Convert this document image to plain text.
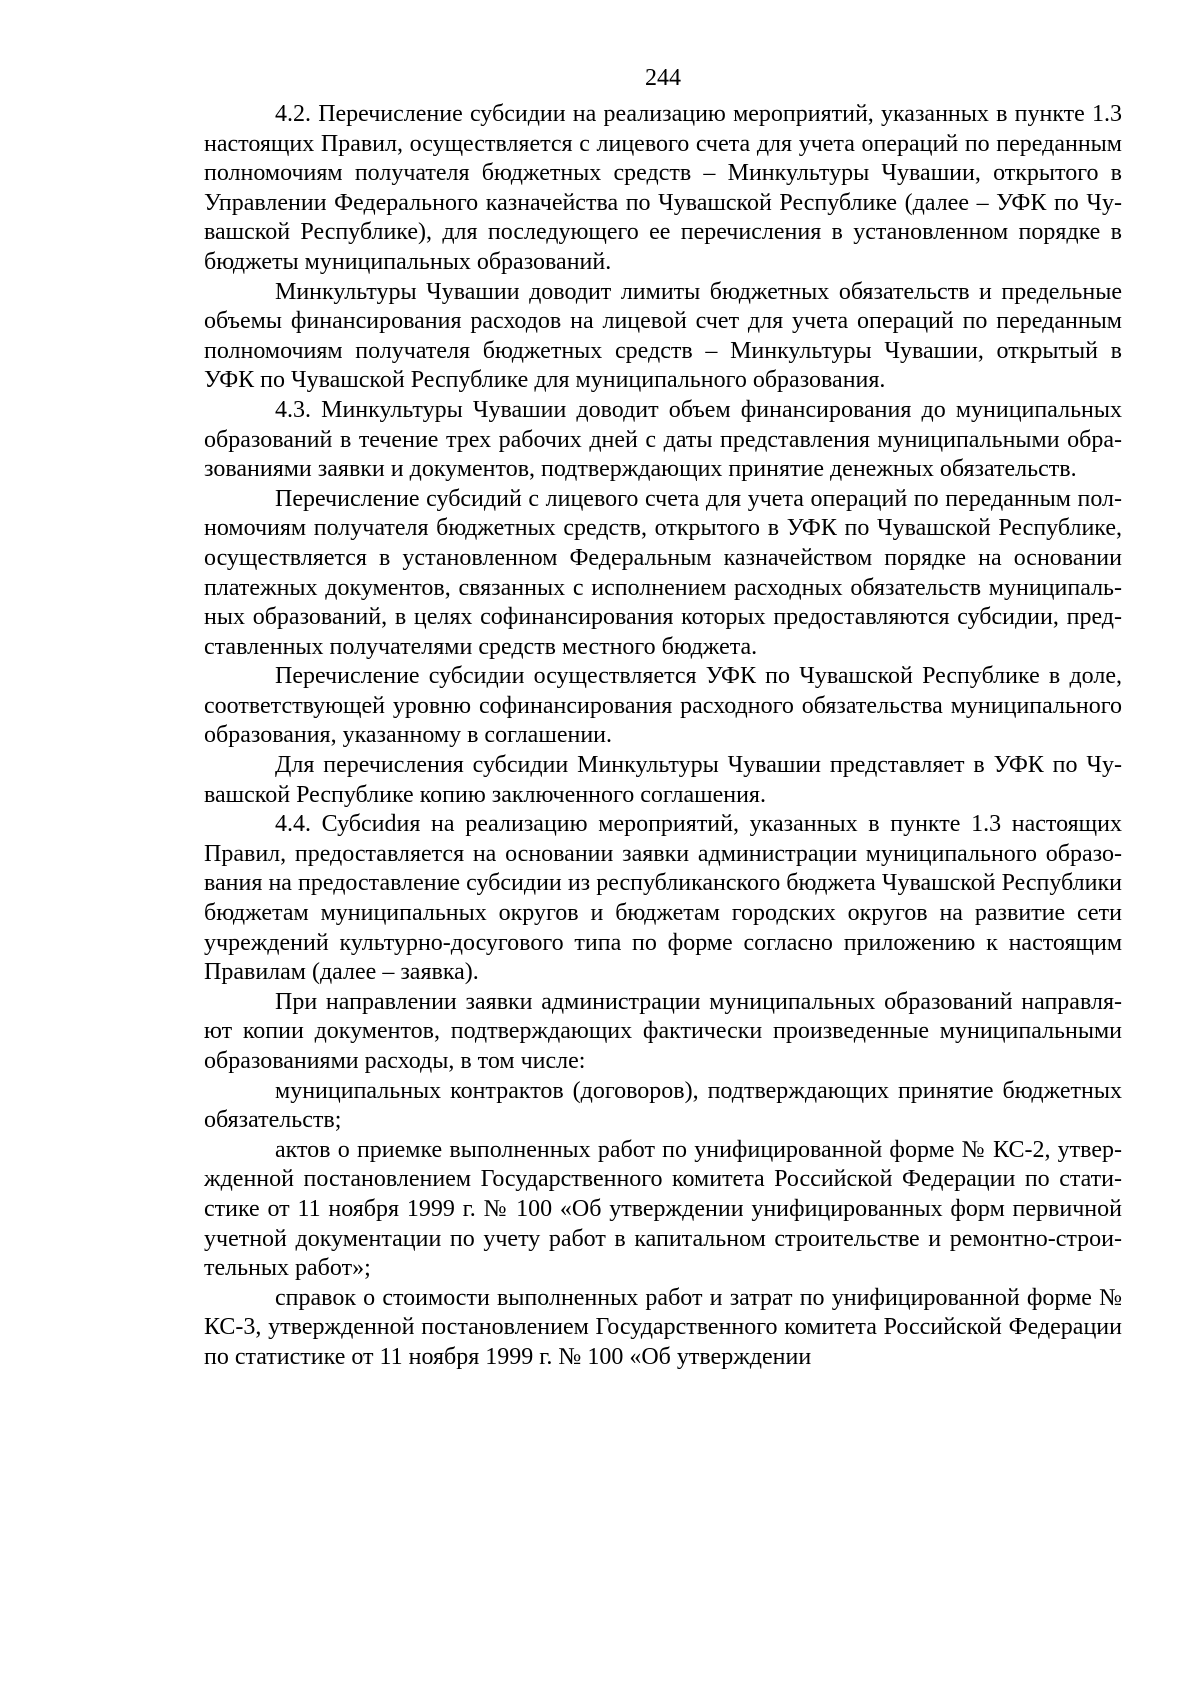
244

4.2. Перечисление субсидии на реализацию мероприятий, указанных в пункте 1.3 настоящих Правил, осуществляется с лицевого счета для учета операций по переданным полномочиям получателя бюджетных средств – Минкультуры Чувашии, открытого в Управлении Федерального казначейства по Чувашской Республике (далее – УФК по Чувашской Республике), для последующего ее перечисления в установленном порядке в бюджеты муниципальных образований.

Минкультуры Чувашии доводит лимиты бюджетных обязательств и предельные объемы финансирования расходов на лицевой счет для учета операций по переданным полномочиям получателя бюджетных средств – Минкультуры Чувашии, открытый в УФК по Чувашской Республике для муниципального образования.

4.3. Минкультуры Чувашии доводит объем финансирования до муниципальных образований в течение трех рабочих дней с даты представления муниципальными образованиями заявки и документов, подтверждающих принятие денежных обязательств.

Перечисление субсидий с лицевого счета для учета операций по переданным полномочиям получателя бюджетных средств, открытого в УФК по Чувашской Республике, осуществляется в установленном Федеральным казначейством порядке на основании платежных документов, связанных с исполнением расходных обязательств муниципальных образований, в целях софинансирования которых предоставляются субсидии, представленных получателями средств местного бюджета.

Перечисление субсидии осуществляется УФК по Чувашской Республике в доле, соответствующей уровню софинансирования расходного обязательства муниципального образования, указанному в соглашении.

Для перечисления субсидии Минкультуры Чувашии представляет в УФК по Чувашской Республике копию заключенного соглашения.

4.4. Субсиdия на реализацию мероприятий, указанных в пункте 1.3 настоящих Правил, предоставляется на основании заявки администрации муниципального образования на предоставление субсидии из республиканского бюджета Чувашской Республики бюджетам муниципальных округов и бюджетам городских округов на развитие сети учреждений культурно-досугового типа по форме согласно приложению к настоящим Правилам (далее – заявка).

При направлении заявки администрации муниципальных образований направляют копии документов, подтверждающих фактически произведенные муниципальными образованиями расходы, в том числе:

муниципальных контрактов (договоров), подтверждающих принятие бюджетных обязательств;

актов о приемке выполненных работ по унифицированной форме № КС-2, утвержденной постановлением Государственного комитета Российской Федерации по статистике от 11 ноября 1999 г. № 100 «Об утверждении унифицированных форм первичной учетной документации по учету работ в капитальном строительстве и ремонтно-строительных работ»;

справок о стоимости выполненных работ и затрат по унифицированной форме № КС-3, утвержденной постановлением Государственного комитета Российской Федерации по статистике от 11 ноября 1999 г. № 100 «Об утверждении
